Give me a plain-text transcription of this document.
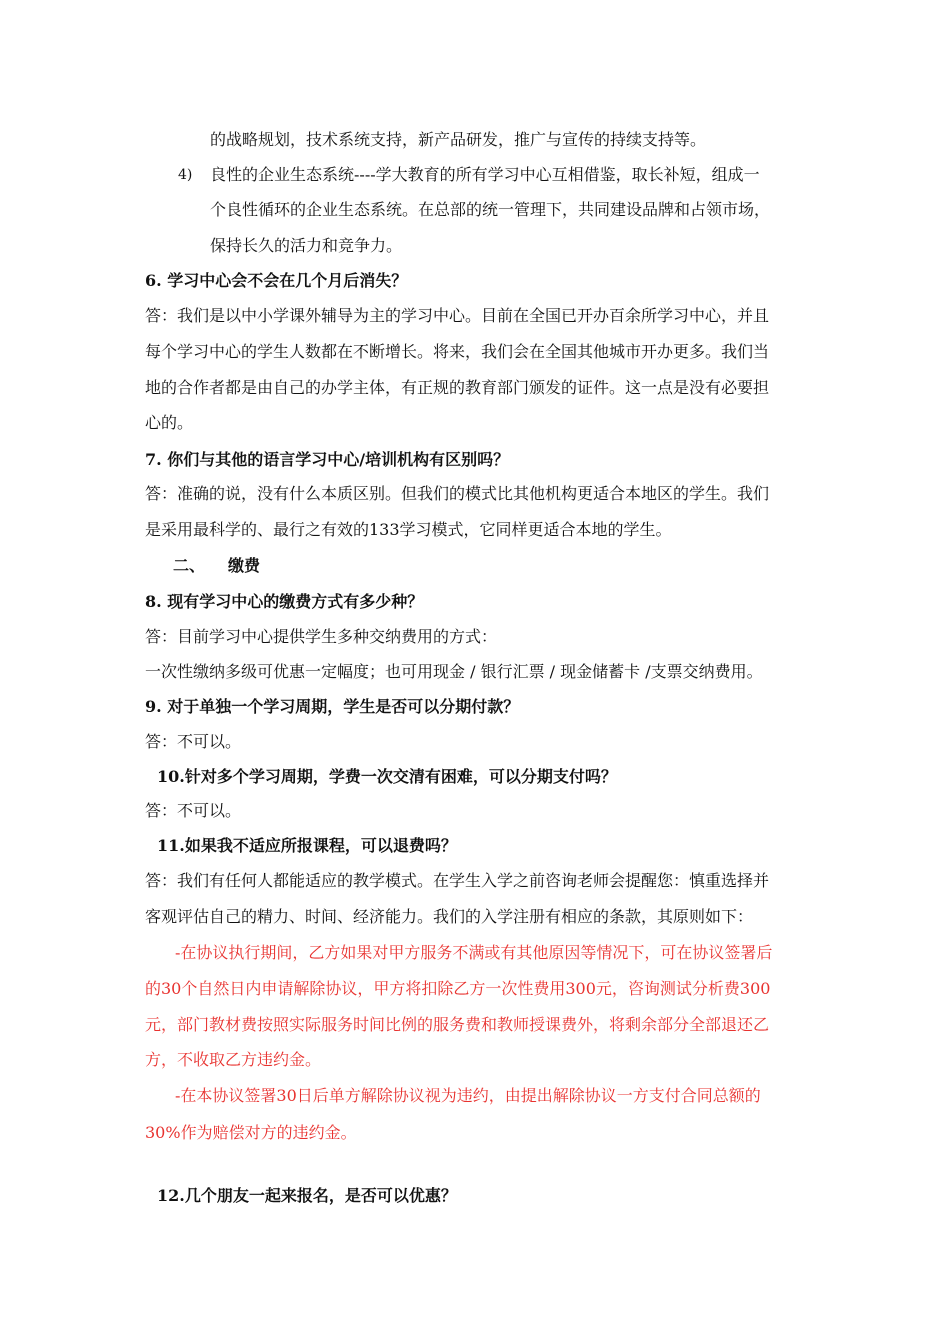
的战略规划，技术系统支持，新产品研发，推广与宣传的持续支持等。
4) 良性的企业生态系统----学大教育的所有学习中心互相借鉴，取长补短，组成一
个良性循环的企业生态系统。在总部的统一管理下，共同建设品牌和占领市场，
保持长久的活力和竞争力。
6. 学习中心会不会在几个月后消失？
答：我们是以中小学课外辅导为主的学习中心。目前在全国已开办百余所学习中心，并且
每个学习中心的学生人数都在不断增长。将来，我们会在全国其他城市开办更多。我们当
地的合作者都是由自己的办学主体，有正规的教育部门颁发的证件。这一点是没有必要担
心的。
7. 你们与其他的语言学习中心/培训机构有区别吗？
答：准确的说，没有什么本质区别。但我们的模式比其他机构更适合本地区的学生。我们
是采用最科学的、最行之有效的133学习模式，它同样更适合本地的学生。
二、 缴费
8. 现有学习中心的缴费方式有多少种？
答：目前学习中心提供学生多种交纳费用的方式：
一次性缴纳多级可优惠一定幅度；也可用现金 / 银行汇票 / 现金储蓄卡 /支票交纳费用。
9. 对于单独一个学习周期，学生是否可以分期付款？
答：不可以。
10.针对多个学习周期，学费一次交清有困难，可以分期支付吗？
答：不可以。
11.如果我不适应所报课程，可以退费吗？
答：我们有任何人都能适应的教学模式。在学生入学之前咨询老师会提醒您：慎重选择并
客观评估自己的精力、时间、经济能力。我们的入学注册有相应的条款，其原则如下：
-在协议执行期间，乙方如果对甲方服务不满或有其他原因等情况下，可在协议签署后
的30个自然日内申请解除协议，甲方将扣除乙方一次性费用300元，咨询测试分析费300
元，部门教材费按照实际服务时间比例的服务费和教师授课费外，将剩余部分全部退还乙
方，不收取乙方违约金。
-在本协议签署30日后单方解除协议视为违约，由提出解除协议一方支付合同总额的
30%作为赔偿对方的违约金。
12.几个朋友一起来报名，是否可以优惠？
